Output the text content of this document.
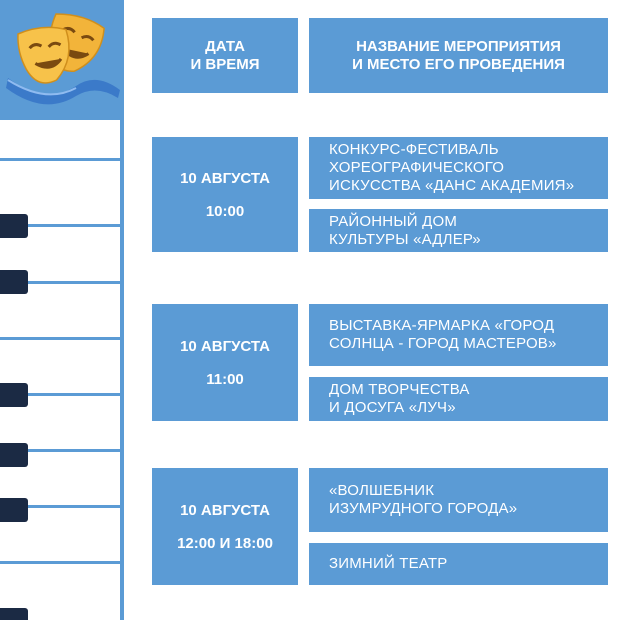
ДАТА
И ВРЕМЯ
НАЗВАНИЕ МЕРОПРИЯТИЯ
И МЕСТО ЕГО ПРОВЕДЕНИЯ
10 АВГУСТА
10:00
КОНКУРС-ФЕСТИВАЛЬ
ХОРЕОГРАФИЧЕСКОГО
ИСКУССТВА «ДАНС АКАДЕМИЯ»
РАЙОННЫЙ ДОМ
КУЛЬТУРЫ «АДЛЕР»
10 АВГУСТА
11:00
ВЫСТАВКА-ЯРМАРКА «ГОРОД
СОЛНЦА - ГОРОД МАСТЕРОВ»
ДОМ ТВОРЧЕСТВА
И ДОСУГА «ЛУЧ»
10 АВГУСТА
12:00 И 18:00
«ВОЛШЕБНИК
ИЗУМРУДНОГО ГОРОДА»
ЗИМНИЙ ТЕАТР
